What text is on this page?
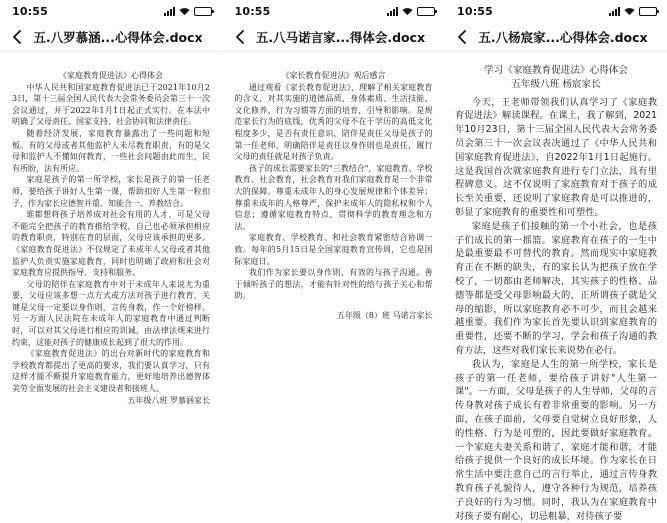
10:55
五.八罗慕涵...心得体会.docx

《家庭教育促进法》心得体会

中华人民共和国家庭教育促进法已于2021年10月23日，第十三届全国人民代表大会常务委员会第三十一次会议通过，并于2022年1月1日起正式实行。在本法中明确了父母责任、国家支持、社会协同和法律责任。

随着经济发展，家庭教育暴露出了一些问题和短板。有的父母或者其他监护人未尽教育职责，有的是父母和监护人不懂如何教育，一些社会问题由此而生，民有所盼，法有所应。

家庭是孩子的第一所学校，家长是孩子的第一任老师，要给孩子讲好人生第一课，帮助扣好人生第一粒扣子，作为家长应德智并重、知能合一、养教结合。

谁都想将孩子培养成对社会有用的人才，可是父母不能完全把孩子的教育推给学校，自己也必须承担相应的教育职责，特别在育的层面，父母应该承担的更多。《家庭教育促进法》不仅规定了未成年人父母或者其他监护人负责实施家庭教育，同时也明确了政府和社会对家庭教育应提供指导、支持和服务。

父母的陪伴在家庭教育中对于未成年人来说尤为重要，父母应该多想一点方式或方法对孩子进行教育，关键是父母一定要以身作则，言传身教，作一个好榜样。另一方面人民法院在未成年人的家庭教育中通过判断时，可以对其父母进行相应的训诫，由法律法规来进行约束，这能对孩子的健康成长起到了很大的作用。

《家庭教育促进法》的出台对新时代的家庭教育和学校教育都提出了更高的要求，我们要认真学习，只有这样才能不断提升家庭教育能力，更好地培养出德智体美劳全面发展的社会主义建设者和接班人。

五年级八班 罗慕涵家长

10:55
五.八马诺言家...得体会.docx

《家长教育促进法》观后感言

通过观看《家长教育促进法》，理解了相关家庭教育的含义，对其实施的道德品质、身体素质、生活技能、文化修养、行为习惯等方面的培育，引导和影响。是规范家长行为的底线，优秀的父母不在于学历的高低文化程度多少，是否有责任意识，陪伴是责任父母是孩子的第一任老师，明确陪伴是责任以身作则也是责任，履行父母的责任就是对孩子负责。

孩子的成长需要家长的"三教结合"，家庭教育、学校教育、社会教育，社会教育对我们家庭教育是一个非常大的保障。尊重未成年人的身心发展规律和个体差异；尊重未成年的人格尊严，保护未成年人的隐私权和个人信息；遵循家庭教育特点，贯彻科学的教育理念和方法。

家庭教育、学校教育、和社会教育紧密结合协调一致。每年的5月15日是全国家庭教育宣传周，它也是国际家庭日。

我们作为家长要以身作则，有效的与孩子沟通。善于倾听孩子的想法，才能有针对性的给与孩子关心和帮助。

五年级（8）班 马诺言家长

10:55
五.八杨宸家...心得体会.docx

学习《家庭教育促进法》心得体会

五年级八班 杨宸家长

今天，王老师带领我们认真学习了《家庭教育促进法》解读课程。在课上，我了解到，2021年10月23日，第十三届全国人民代表大会常务委员会第三十一次会议表决通过了《中华人民共和国家庭教育促进法》，自2022年1月1日起施行。这是我国首次就家庭教育进行专门立法，具有里程碑意义。这不仅说明了家庭教育对于孩子的成长至关重要，还说明了家庭教育是可以推进的，彰显了家庭教育的重要性和可塑性。

家庭是孩子们接触的第一个小社会，也是孩子们成长的第一摇篮。家庭教育在孩子的一生中是最重要最不可替代的教育。然而现实中家庭教育正在不断的缺失，有的家长认为把孩子放在学校了，一切都由老师解决，其实孩子的性格、品德等都是受父母影响最大的，正所谓孩子就是父母的缩影，所以家庭教育必不可少，而且会越来越重要。我们作为家长首先要认识到家庭教育的重要性，还要不断的学习，学会和孩子沟通的教育方法，这些对我们家长来说势在必行。

我认为，家庭是人生的第一所学校，家长是孩子的第一任老师，要给孩子讲好"人生第一课"。一方面，父母是孩子的人生导师，父母的言传身教对孩子成长有着非常重要的影响。另一方面，在孩子面前，父母要自觉树立良好形象，人的性格、行为是可塑的，因此要做好家庭教育。一个家庭夫妻关系和谐了，家庭才能和谐，才能给孩子提供一个良好的成长环境。作为家长在日常生活中要注意自己的言行举止，通过言传身教教育孩子礼貌待人，遵守各种行为规范，培养孩子良好的行为习惯。同时，我认为在家庭教育中对孩子要有耐心，切忌粗暴，对待孩子要
